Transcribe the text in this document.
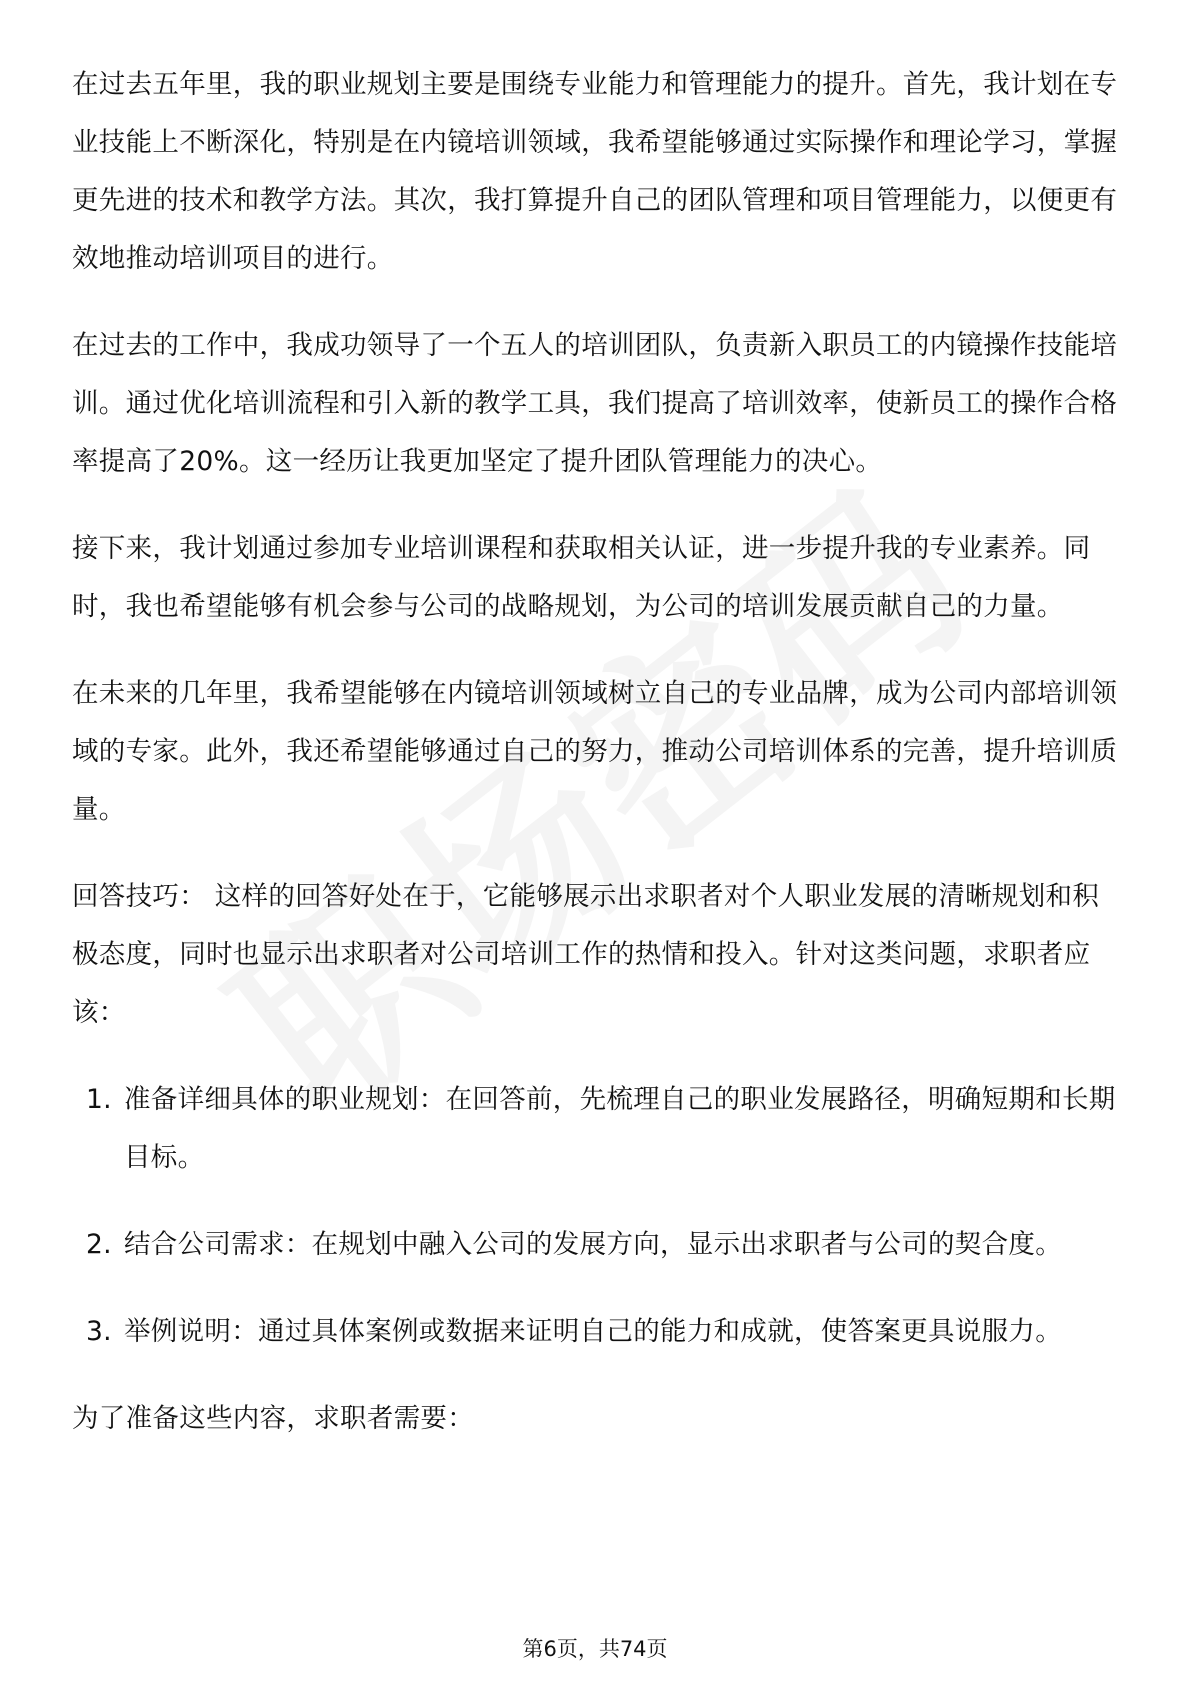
在过去五年里，我的职业规划主要是围绕专业能力和管理能力的提升。首先，我计划在专业技能上不断深化，特别是在内镜培训领域，我希望能够通过实际操作和理论学习，掌握更先进的技术和教学方法。其次，我打算提升自己的团队管理和项目管理能力，以便更有效地推动培训项目的进行。

在过去的工作中，我成功领导了一个五人的培训团队，负责新入职员工的内镜操作技能培训。通过优化培训流程和引入新的教学工具，我们提高了培训效率，使新员工的操作合格率提高了20%。这一经历让我更加坚定了提升团队管理能力的决心。

接下来，我计划通过参加专业培训课程和获取相关认证，进一步提升我的专业素养。同时，我也希望能够有机会参与公司的战略规划，为公司的培训发展贡献自己的力量。

在未来的几年里，我希望能够在内镜培训领域树立自己的专业品牌，成为公司内部培训领域的专家。此外，我还希望能够通过自己的努力，推动公司培训体系的完善，提升培训质量。

回答技巧： 这样的回答好处在于，它能够展示出求职者对个人职业发展的清晰规划和积极态度，同时也显示出求职者对公司培训工作的热情和投入。针对这类问题，求职者应该：

1. 准备详细具体的职业规划：在回答前，先梳理自己的职业发展路径，明确短期和长期目标。
2. 结合公司需求：在规划中融入公司的发展方向，显示出求职者与公司的契合度。
3. 举例说明：通过具体案例或数据来证明自己的能力和成就，使答案更具说服力。

为了准备这些内容，求职者需要：

第6页，共74页
